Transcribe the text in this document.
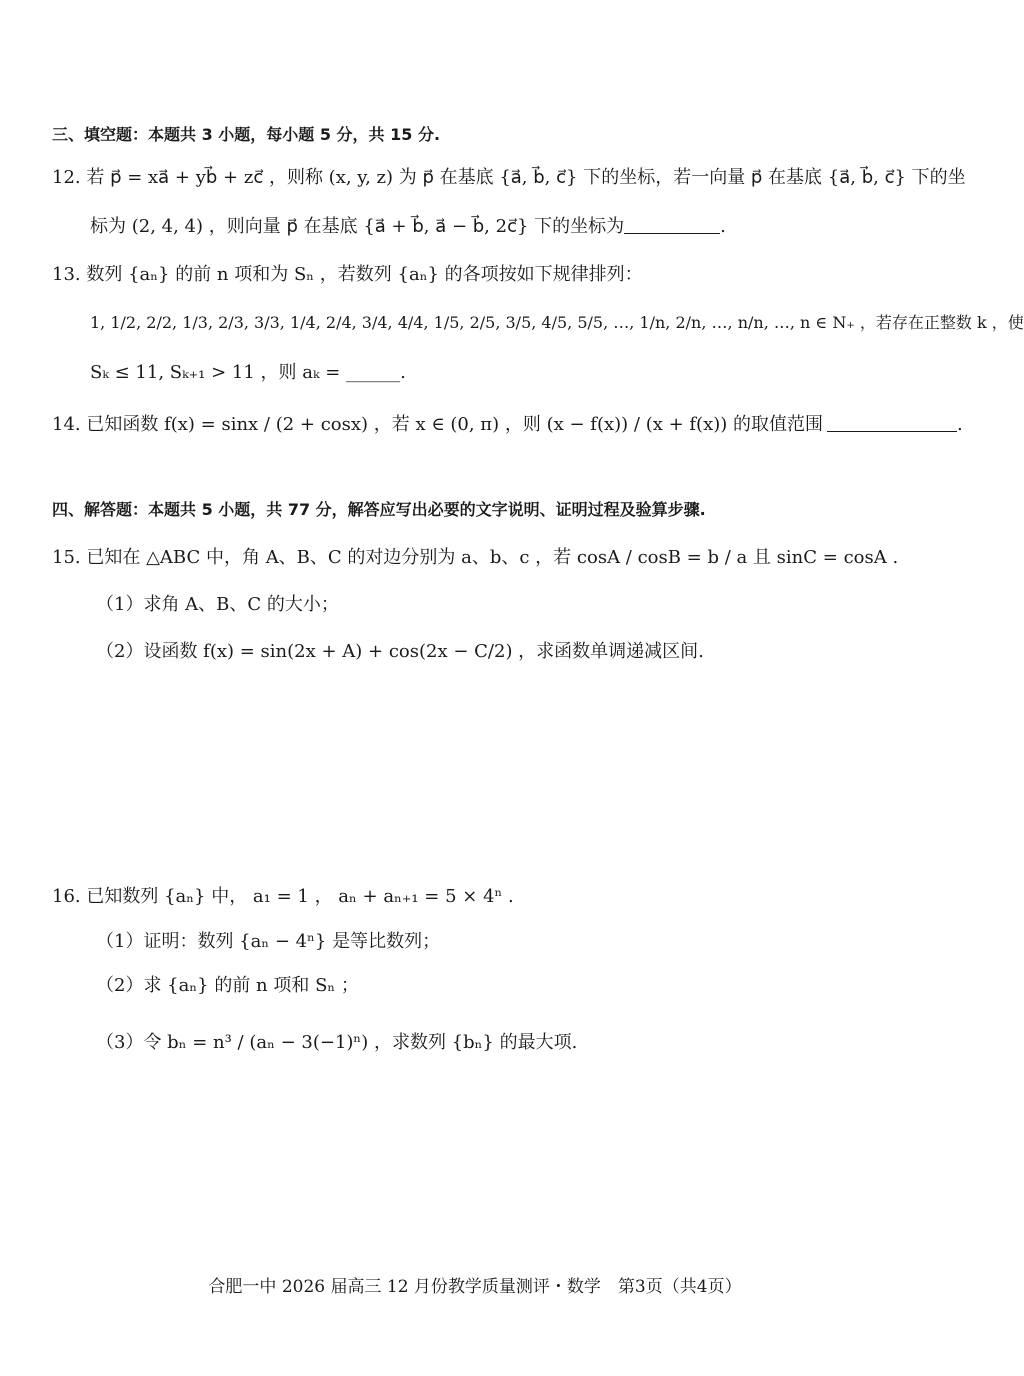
三、填空题：本题共 3 小题，每小题 5 分，共 15 分.
12. 若 p⃗ = xa⃗ + yb⃗ + zc⃗ ，则称 (x, y, z) 为 p⃗ 在基底 {a⃗, b⃗, c⃗} 下的坐标，若一向量 p⃗ 在基底 {a⃗, b⃗, c⃗} 下的坐
标为 (2, 4, 4) ，则向量 p⃗ 在基底 {a⃗ + b⃗, a⃗ − b⃗, 2c⃗} 下的坐标为	.
13. 数列 {aₙ} 的前 n 项和为 Sₙ ，若数列 {aₙ} 的各项按如下规律排列：
1, 1/2, 2/2, 1/3, 2/3, 3/3, 1/4, 2/4, 3/4, 4/4, 1/5, 2/5, 3/5, 4/5, 5/5, …, 1/n, 2/n, …, n/n, …, n ∈ N₊ ，若存在正整数 k ，使
Sₖ ≤ 11, Sₖ₊₁ > 11 ，则 aₖ = ______.
14. 已知函数 f(x) = sinx / (2 + cosx) ，若 x ∈ (0, π) ，则 (x − f(x)) / (x + f(x)) 的取值范围	.
四、解答题：本题共 5 小题，共 77 分，解答应写出必要的文字说明、证明过程及验算步骤.
15. 已知在 △ABC 中，角 A、B、C 的对边分别为 a、b、c ，若 cosA / cosB = b / a 且 sinC = cosA .
（1）求角 A、B、C 的大小；
（2）设函数 f(x) = sin(2x + A) + cos(2x − C/2) ，求函数单调递减区间.
16. 已知数列 {aₙ} 中， a₁ = 1 ， aₙ + aₙ₊₁ = 5 × 4ⁿ .
（1）证明：数列 {aₙ − 4ⁿ} 是等比数列；
（2）求 {aₙ} 的前 n 项和 Sₙ ；
（3）令 bₙ = n³ / (aₙ − 3(−1)ⁿ) ，求数列 {bₙ} 的最大项.
合肥一中 2026 届高三 12 月份教学质量测评・数学　第3页（共4页）
